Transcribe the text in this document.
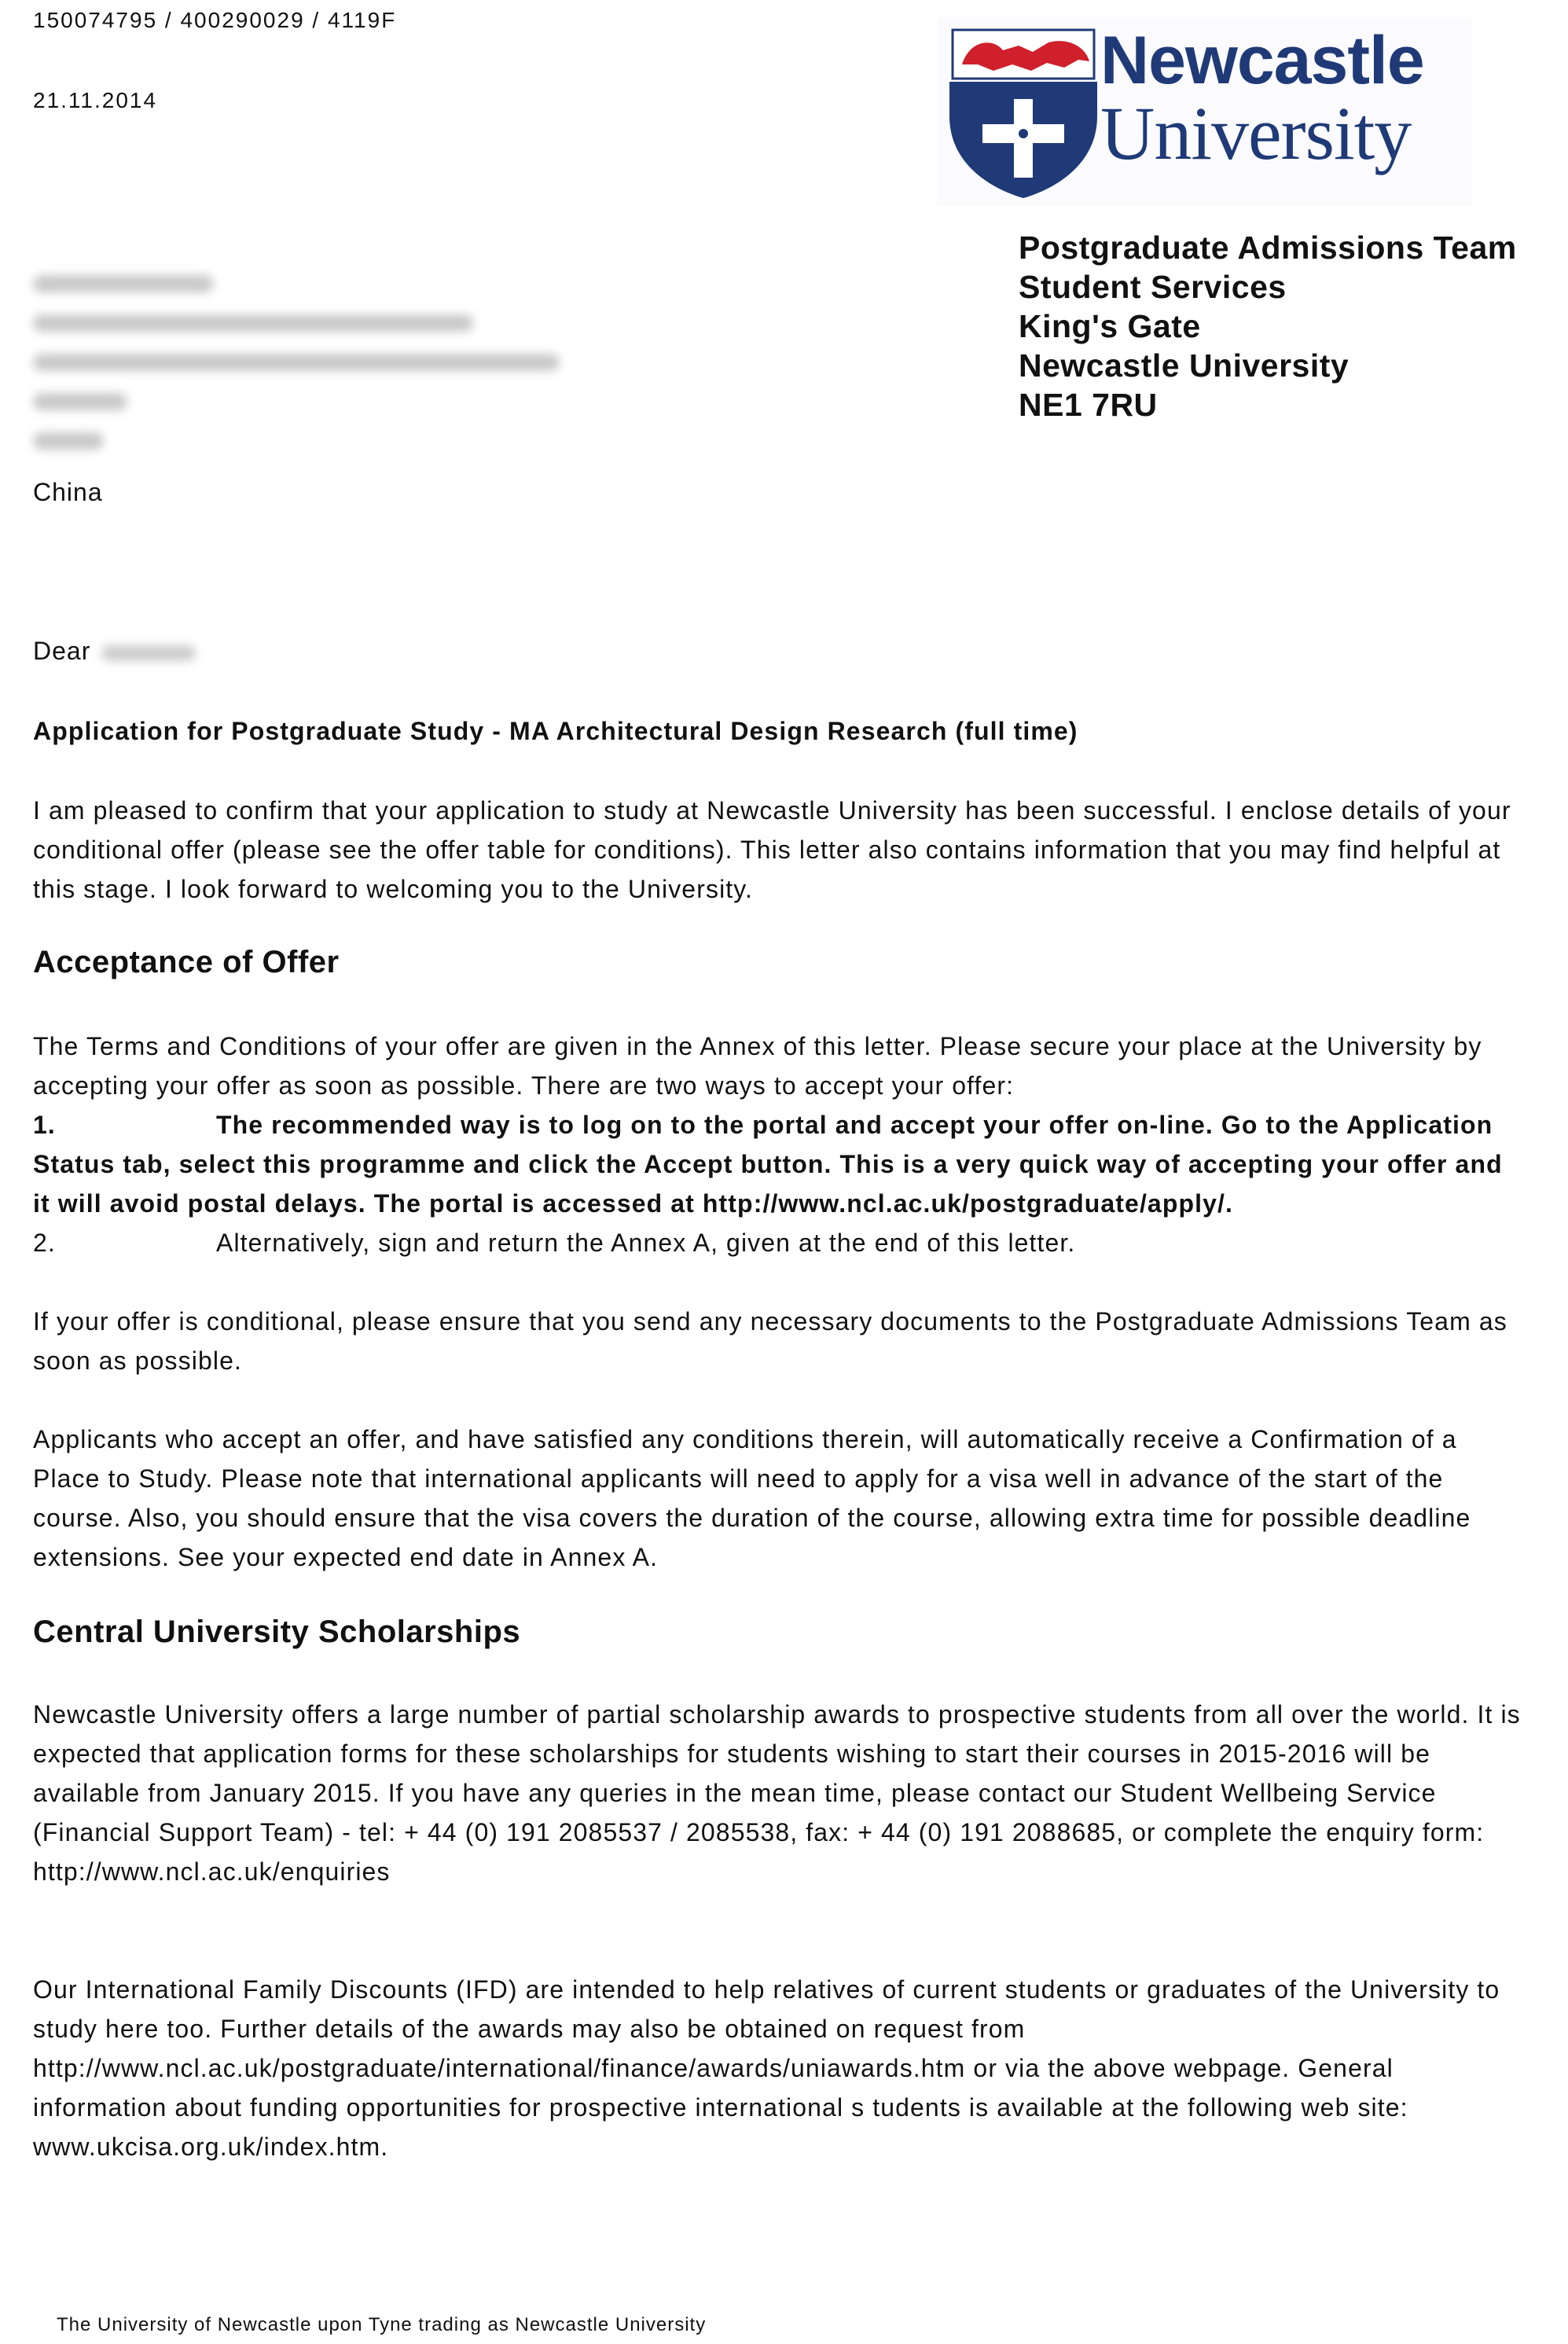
150074795 / 400290029 / 4119F
21.11.2014
Newcastle
University
Postgraduate Admissions Team
Student Services
King's Gate
Newcastle University
NE1 7RU
China
Dear
Application for Postgraduate Study - MA Architectural Design Research (full time)

I am pleased to confirm that your application to study at Newcastle University has been successful. I enclose details of your conditional offer (please see the offer table for conditions). This letter also contains information that you may find helpful at this stage. I look forward to welcoming you to the University.

Acceptance of Offer

The Terms and Conditions of your offer are given in the Annex of this letter. Please secure your place at the University by accepting your offer as soon as possible. There are two ways to accept your offer:

1.	The recommended way is to log on to the portal and accept your offer on-line. Go to the Application Status tab, select this programme and click the Accept button. This is a very quick way of accepting your offer and it will avoid postal delays. The portal is accessed at http://www.ncl.ac.uk/postgraduate/apply/.
2.	Alternatively, sign and return the Annex A, given at the end of this letter.

If your offer is conditional, please ensure that you send any necessary documents to the Postgraduate Admissions Team as soon as possible.

Applicants who accept an offer, and have satisfied any conditions therein, will automatically receive a Confirmation of a Place to Study. Please note that international applicants will need to apply for a visa well in advance of the start of the course. Also, you should ensure that the visa covers the duration of the course, allowing extra time for possible deadline extensions. See your expected end date in Annex A.

Central University Scholarships

Newcastle University offers a large number of partial scholarship awards to prospective students from all over the world. It is expected that application forms for these scholarships for students wishing to start their courses in 2015-2016 will be available from January 2015. If you have any queries in the mean time, please contact our Student Wellbeing Service (Financial Support Team) - tel: + 44 (0) 191 2085537 / 2085538, fax: + 44 (0) 191 2088685, or complete the enquiry form: http://www.ncl.ac.uk/enquiries

Our International Family Discounts (IFD) are intended to help relatives of current students or graduates of the University to study here too. Further details of the awards may also be obtained on request from http://www.ncl.ac.uk/postgraduate/international/finance/awards/uniawards.htm or via the above webpage. General information about funding opportunities for prospective international s tudents is available at the following web site: www.ukcisa.org.uk/index.htm.

The University of Newcastle upon Tyne trading as Newcastle University
